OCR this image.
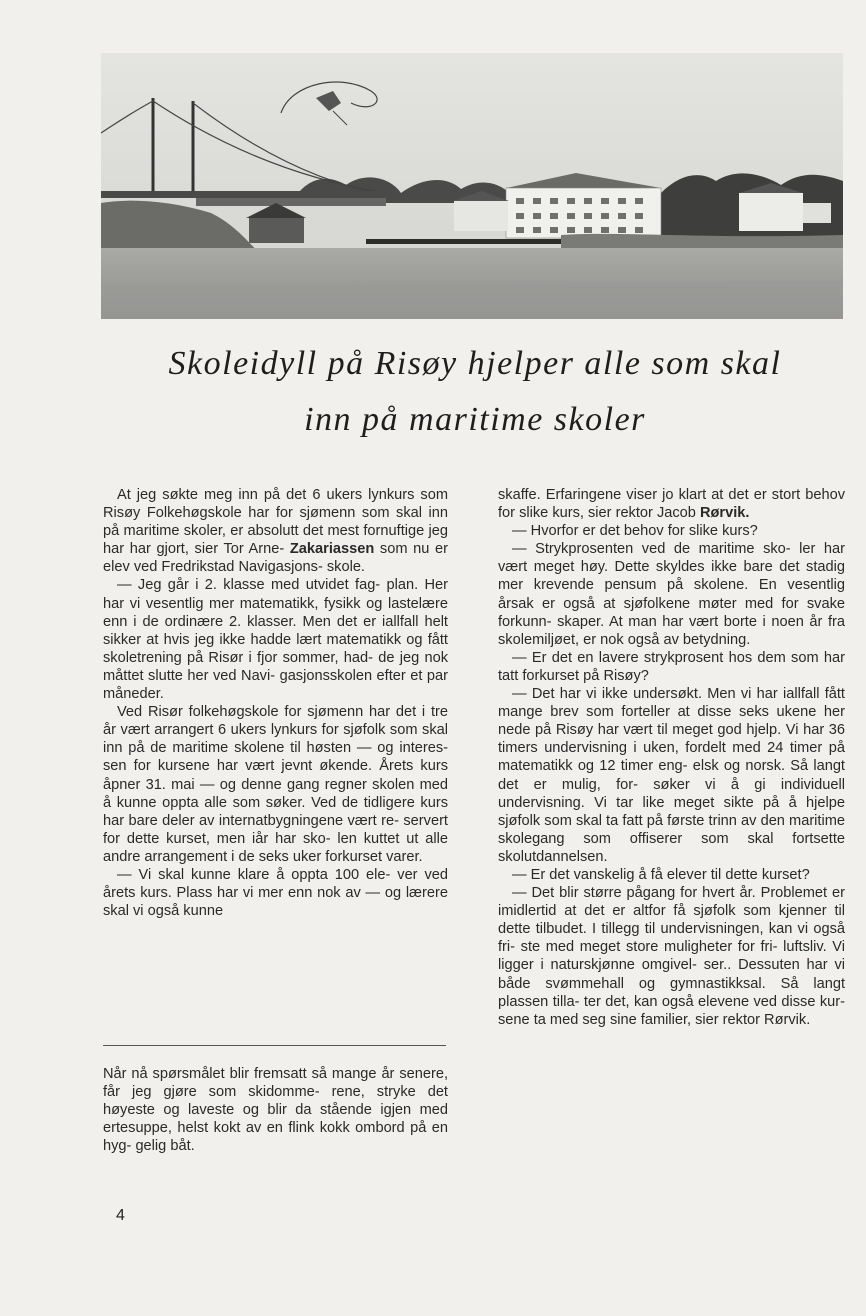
Skoleidyll på Risøy hjelper alle som skal
inn på maritime skoler

At jeg søkte meg inn på det 6 ukers lynkurs som Risøy Folkehøgskole har for sjømenn som skal inn på maritime skoler, er absolutt det mest fornuftige jeg har har gjort, sier Tor Arne- Zakariassen som nu er elev ved Fredrikstad Navigasjons- skole.

— Jeg går i 2. klasse med utvidet fag- plan. Her har vi vesentlig mer matematikk, fysikk og lastelære enn i de ordinære 2. klasser. Men det er iallfall helt sikker at hvis jeg ikke hadde lært matematikk og fått skoletrening på Risør i fjor sommer, had- de jeg nok måttet slutte her ved Navi- gasjonsskolen efter et par måneder.

Ved Risør folkehøgskole for sjømenn har det i tre år vært arrangert 6 ukers lynkurs for sjøfolk som skal inn på de maritime skolene til høsten — og interes- sen for kursene har vært jevnt økende. Årets kurs åpner 31. mai — og denne gang regner skolen med å kunne oppta alle som søker. Ved de tidligere kurs har bare deler av internatbygningene vært re- servert for dette kurset, men iår har sko- len kuttet ut alle andre arrangement i de seks uker forkurset varer.

— Vi skal kunne klare å oppta 100 ele- ver ved årets kurs. Plass har vi mer enn nok av — og lærere skal vi også kunne

Når nå spørsmålet blir fremsatt så mange år senere, får jeg gjøre som skidomme- rene, stryke det høyeste og laveste og blir da stående igjen med ertesuppe, helst kokt av en flink kokk ombord på en hyg- gelig båt.

skaffe. Erfaringene viser jo klart at det er stort behov for slike kurs, sier rektor Jacob Rørvik.

— Hvorfor er det behov for slike kurs?

— Strykprosenten ved de maritime sko- ler har vært meget høy. Dette skyldes ikke bare det stadig mer krevende pensum på skolene. En vesentlig årsak er også at sjøfolkene møter med for svake forkunn- skaper. At man har vært borte i noen år fra skolemiljøet, er nok også av betydning.

— Er det en lavere strykprosent hos dem som har tatt forkurset på Risøy?

— Det har vi ikke undersøkt. Men vi har iallfall fått mange brev som forteller at disse seks ukene her nede på Risøy har vært til meget god hjelp. Vi har 36 timers undervisning i uken, fordelt med 24 timer på matematikk og 12 timer eng- elsk og norsk. Så langt det er mulig, for- søker vi å gi individuell undervisning. Vi tar like meget sikte på å hjelpe sjøfolk som skal ta fatt på første trinn av den maritime skolegang som offiserer som skal fortsette skolutdannelsen.

— Er det vanskelig å få elever til dette kurset?

— Det blir større pågang for hvert år. Problemet er imidlertid at det er altfor få sjøfolk som kjenner til dette tilbudet. I tillegg til undervisningen, kan vi også fri- ste med meget store muligheter for fri- luftsliv. Vi ligger i naturskjønne omgivel- ser.. Dessuten har vi både svømmehall og gymnastikksal. Så langt plassen tilla- ter det, kan også elevene ved disse kur- sene ta med seg sine familier, sier rektor Rørvik.

4
